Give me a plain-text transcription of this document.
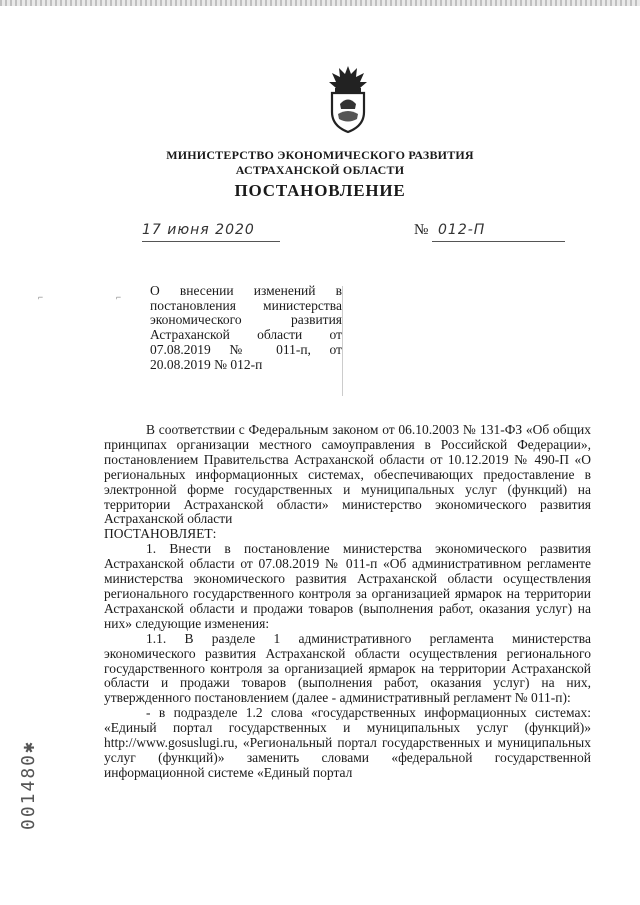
МИНИСТЕРСТВО ЭКОНОМИЧЕСКОГО РАЗВИТИЯ
АСТРАХАНСКОЙ ОБЛАСТИ
ПОСТАНОВЛЕНИЕ
17 июня 2020	№ 012-П
⌐	⌐ О внесении изменений в постановления министерства экономического развития Астраханской области от 07.08.2019 № 011-п, от 20.08.2019 № 012-п

В соответствии с Федеральным законом от 06.10.2003 № 131-ФЗ «Об общих принципах организации местного самоуправления в Российской Федерации», постановлением Правительства Астраханской области от 10.12.2019 № 490-П «О региональных информационных системах, обеспечивающих предоставление в электронной форме государственных и муниципальных услуг (функций) на территории Астраханской области» министерство экономического развития Астраханской области

ПОСТАНОВЛЯЕТ:

1. Внести в постановление министерства экономического развития Астраханской области от 07.08.2019 № 011-п «Об административном регламенте министерства экономического развития Астраханской области осуществления регионального государственного контроля за организацией ярмарок на территории Астраханской области и продажи товаров (выполнения работ, оказания услуг) на них» следующие изменения:

1.1. В разделе 1 административного регламента министерства экономического развития Астраханской области осуществления регионального государственного контроля за организацией ярмарок на территории Астраханской области и продажи товаров (выполнения работ, оказания услуг) на них, утвержденного постановлением (далее - административный регламент № 011-п):

- в подразделе 1.2 слова «государственных информационных системах: «Единый портал государственных и муниципальных услуг (функций)» http://www.gosuslugi.ru, «Региональный портал государственных и муниципальных услуг (функций)» заменить словами «федеральной государственной информационной системе «Единый портал

001480✱
